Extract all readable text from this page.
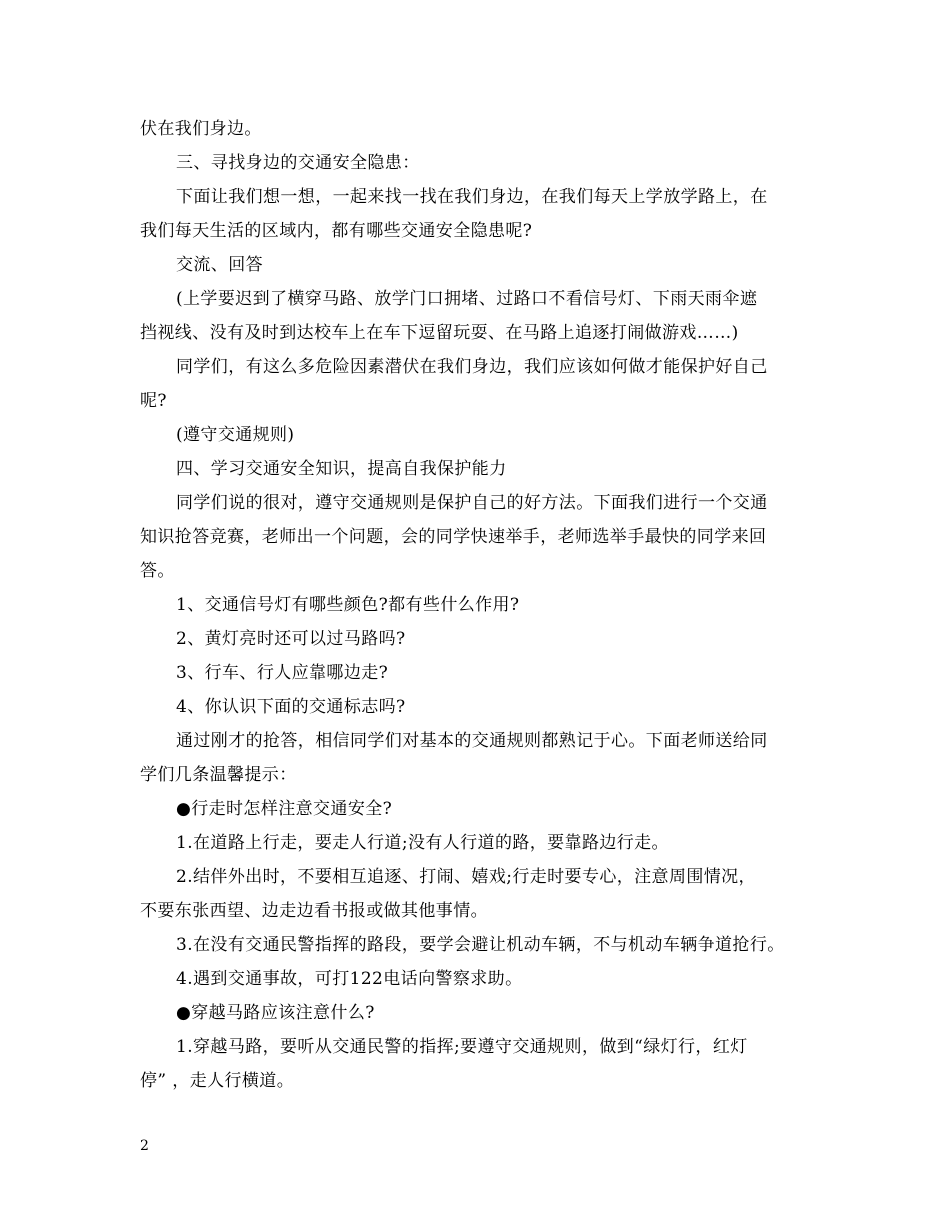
伏在我们身边。
三、寻找身边的交通安全隐患：
下面让我们想一想，一起来找一找在我们身边，在我们每天上学放学路上，在
我们每天生活的区域内，都有哪些交通安全隐患呢?
交流、回答
(上学要迟到了横穿马路、放学门口拥堵、过路口不看信号灯、下雨天雨伞遮
挡视线、没有及时到达校车上在车下逗留玩耍、在马路上追逐打闹做游戏……)
同学们，有这么多危险因素潜伏在我们身边，我们应该如何做才能保护好自己
呢?
(遵守交通规则)
四、学习交通安全知识，提高自我保护能力
同学们说的很对，遵守交通规则是保护自己的好方法。下面我们进行一个交通
知识抢答竞赛，老师出一个问题，会的同学快速举手，老师选举手最快的同学来回
答。
1、交通信号灯有哪些颜色?都有些什么作用?
2、黄灯亮时还可以过马路吗?
3、行车、行人应靠哪边走?
4、你认识下面的交通标志吗?
通过刚才的抢答，相信同学们对基本的交通规则都熟记于心。下面老师送给同
学们几条温馨提示：
●行走时怎样注意交通安全?
1.在道路上行走，要走人行道;没有人行道的路，要靠路边行走。
2.结伴外出时，不要相互追逐、打闹、嬉戏;行走时要专心，注意周围情况，
不要东张西望、边走边看书报或做其他事情。
3.在没有交通民警指挥的路段，要学会避让机动车辆，不与机动车辆争道抢行。
4.遇到交通事故，可打122电话向警察求助。
●穿越马路应该注意什么?
1.穿越马路，要听从交通民警的指挥;要遵守交通规则，做到“绿灯行，红灯
停” ，走人行横道。
2
